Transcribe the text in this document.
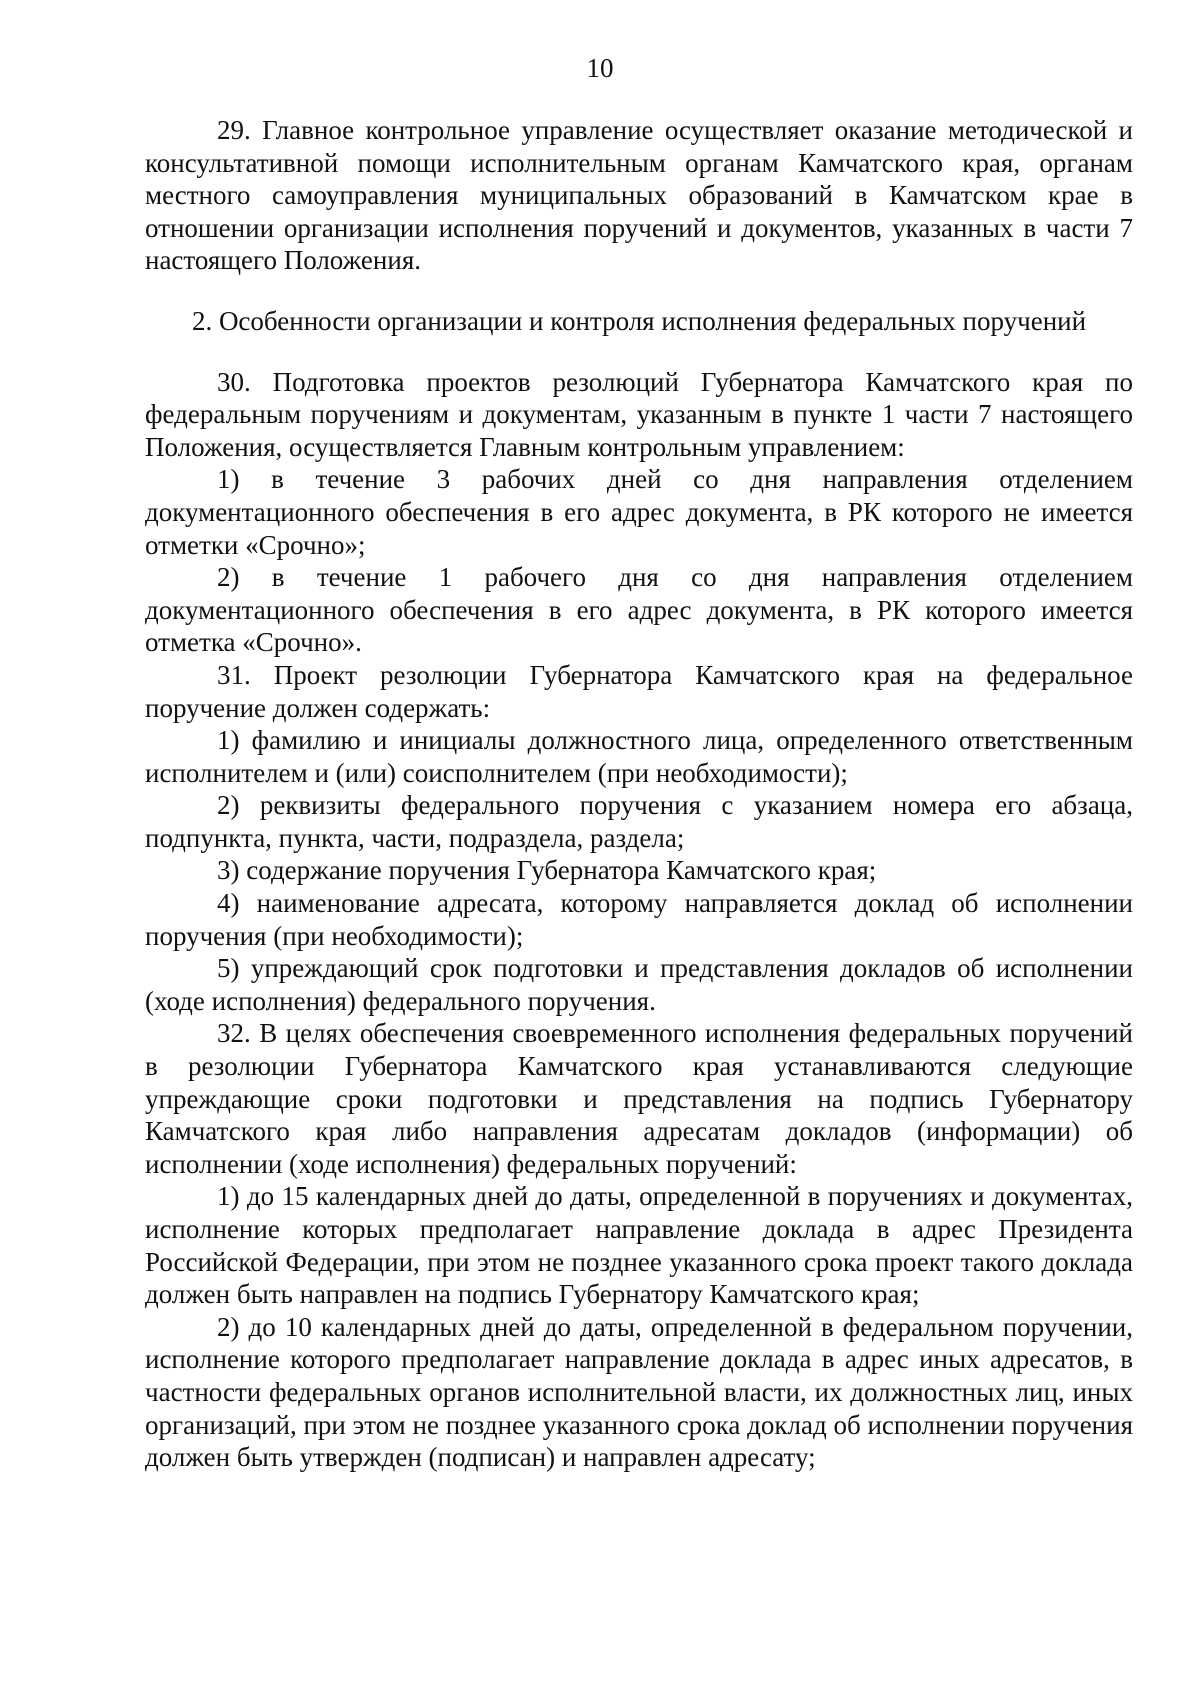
10

29. Главное контрольное управление осуществляет оказание методической и консультативной помощи исполнительным органам Камчатского края, органам местного самоуправления муниципальных образований в Камчатском крае в отношении организации исполнения поручений и документов, указанных в части 7 настоящего Положения.

2. Особенности организации и контроля исполнения федеральных поручений

30. Подготовка проектов резолюций Губернатора Камчатского края по федеральным поручениям и документам, указанным в пункте 1 части 7 настоящего Положения, осуществляется Главным контрольным управлением:

1) в течение 3 рабочих дней со дня направления отделением документационного обеспечения в его адрес документа, в РК которого не имеется отметки «Срочно»;

2) в течение 1 рабочего дня со дня направления отделением документационного обеспечения в его адрес документа, в РК которого имеется отметка «Срочно».

31. Проект резолюции Губернатора Камчатского края на федеральное поручение должен содержать:

1) фамилию и инициалы должностного лица, определенного ответственным исполнителем и (или) соисполнителем (при необходимости);

2) реквизиты федерального поручения с указанием номера его абзаца, подпункта, пункта, части, подраздела, раздела;

3) содержание поручения Губернатора Камчатского края;

4) наименование адресата, которому направляется доклад об исполнении поручения (при необходимости);

5) упреждающий срок подготовки и представления докладов об исполнении (ходе исполнения) федерального поручения.

32. В целях обеспечения своевременного исполнения федеральных поручений в резолюции Губернатора Камчатского края устанавливаются следующие упреждающие сроки подготовки и представления на подпись Губернатору Камчатского края либо направления адресатам докладов (информации) об исполнении (ходе исполнения) федеральных поручений:

1) до 15 календарных дней до даты, определенной в поручениях и документах, исполнение которых предполагает направление доклада в адрес Президента Российской Федерации, при этом не позднее указанного срока проект такого доклада должен быть направлен на подпись Губернатору Камчатского края;

2) до 10 календарных дней до даты, определенной в федеральном поручении, исполнение которого предполагает направление доклада в адрес иных адресатов, в частности федеральных органов исполнительной власти, их должностных лиц, иных организаций, при этом не позднее указанного срока доклад об исполнении поручения должен быть утвержден (подписан) и направлен адресату;
